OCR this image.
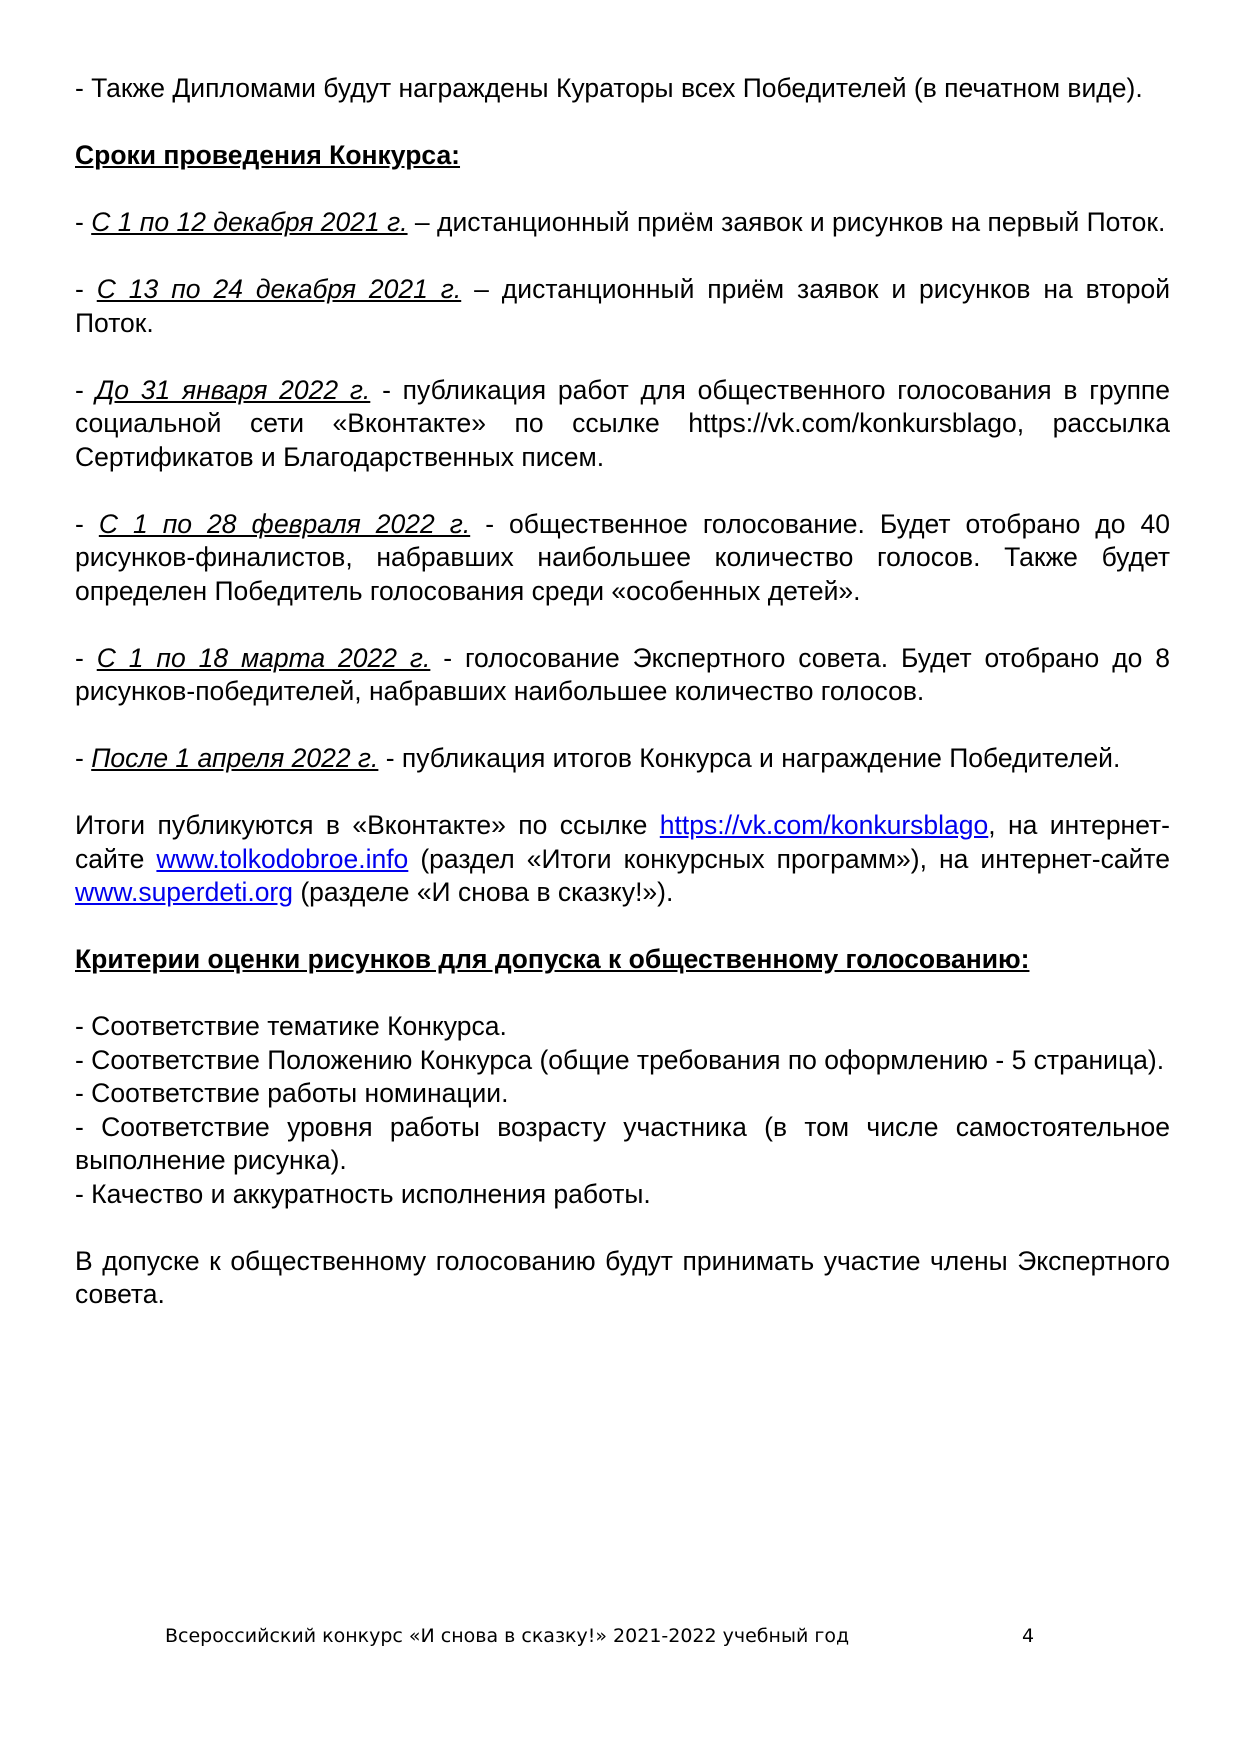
- Также Дипломами будут награждены Кураторы всех Победителей (в печатном виде).

Сроки проведения Конкурса:

- С 1 по 12 декабря 2021 г. – дистанционный приём заявок и рисунков на первый Поток.

- С 13 по 24 декабря 2021 г. – дистанционный приём заявок и рисунков на второй Поток.

- До 31 января 2022 г. - публикация работ для общественного голосования в группе социальной сети «Вконтакте» по ссылке https://vk.com/konkursblago, рассылка Сертификатов и Благодарственных писем.

- С 1 по 28 февраля 2022 г. - общественное голосование. Будет отобрано до 40 рисунков-финалистов, набравших наибольшее количество голосов. Также будет определен Победитель голосования среди «особенных детей».

- С 1 по 18 марта 2022 г. - голосование Экспертного совета. Будет отобрано до 8 рисунков-победителей, набравших наибольшее количество голосов.

- После 1 апреля 2022 г. - публикация итогов Конкурса и награждение Победителей.

Итоги публикуются в «Вконтакте» по ссылке https://vk.com/konkursblago, на интернет-сайте www.tolkodobroe.info (раздел «Итоги конкурсных программ»), на интернет-сайте www.superdeti.org (разделе «И снова в сказку!»).

Критерии оценки рисунков для допуска к общественному голосованию:

- Соответствие тематике Конкурса.

- Соответствие Положению Конкурса (общие требования по оформлению - 5 страница).

- Соответствие работы номинации.

- Соответствие уровня работы возрасту участника (в том числе самостоятельное выполнение рисунка).

- Качество и аккуратность исполнения работы.

В допуске к общественному голосованию будут принимать участие члены Экспертного совета.

Всероссийский конкурс «И снова в сказку!» 2021-2022 учебный год	4
